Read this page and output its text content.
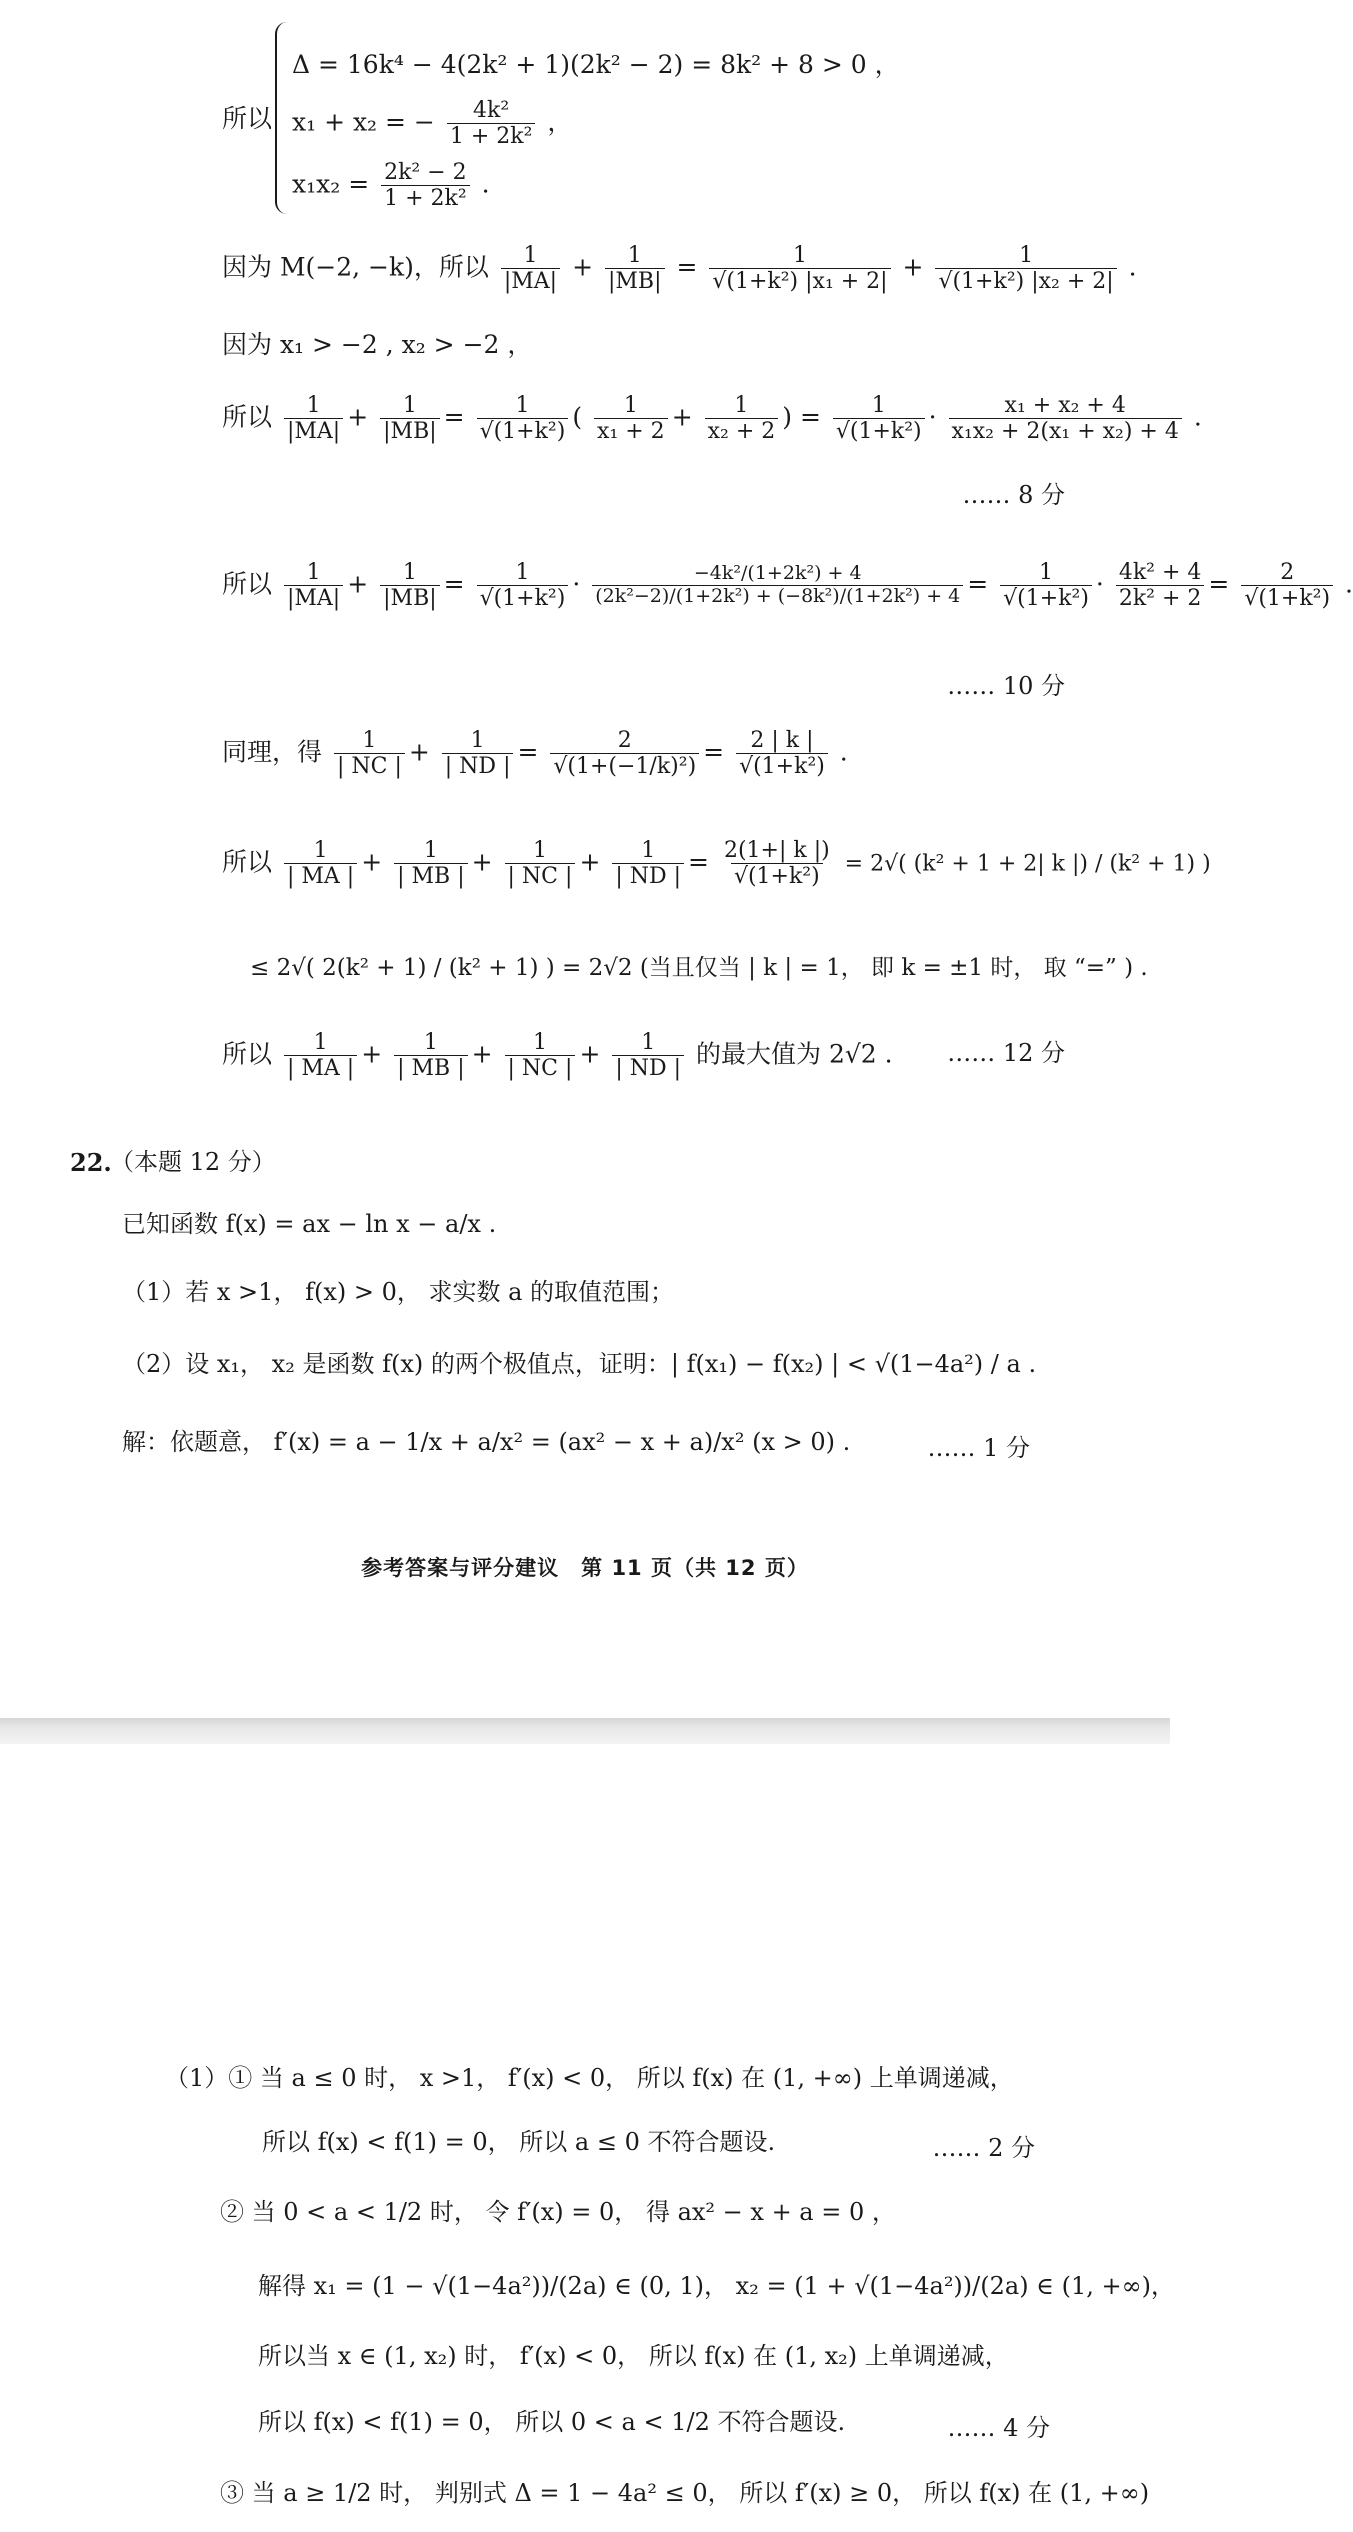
所以
Δ = 16k⁴ − 4(2k² + 1)(2k² − 2) = 8k² + 8 > 0 ，
x₁ + x₂ = − $\frac{\text{4k²}}{\text{1 + 2k²}}$ ，
$x_1x_2 = \frac{\text{2k² − 2}}{\text{1 + 2k²}}$ .
因为 M(−2, −k)，所以 $\frac{1}{|MA|} + \frac{1}{|MB|} = \frac{1}{\text{√(1+k²) |x₁ + 2|}} + \frac{1}{\text{√(1+k²) |x₂ + 2|}}$ .
因为 x₁ > −2 , x₂ > −2 ，
所以 $\frac{1}{|MA|} + \frac{1}{|MB|} = \frac{1}{\text{√(1+k²)}}$ ( $\frac{1}{\text{x₁ + 2}} + \frac{1}{\text{x₂ + 2}}$ ) = $\frac{1}{\text{√(1+k²)}} \cdot \frac{\text{x₁ + x₂ + 4}}{\text{x₁x₂ + 2(x₁ + x₂) + 4}}$ .
…… 8 分
所以 $\frac{1}{|MA|} + \frac{1}{|MB|} = \frac{1}{\text{√(1+k²)}} \cdot \frac{\text{−4k²/(1+2k²) + 4}}{\text{(2k²−2)/(1+2k²) + (−8k²)/(1+2k²) + 4}} = \frac{1}{\text{√(1+k²)}} \cdot \frac{\text{4k² + 4}}{\text{2k² + 2}} = \frac{2}{\text{√(1+k²)}}$ .
…… 10 分
同理，得 $\frac{1}{| NC |} + \frac{1}{| ND |} = \frac{2}{\text{√(1+(−1/k)²)}} = \frac{2 | k |}{\text{√(1+k²)}}$ .
所以 $\frac{1}{| MA |} + \frac{1}{| MB |} + \frac{1}{| NC |} + \frac{1}{| ND |} = \frac{2(1+| k |)}{\text{√(1+k²)}} = 2√$( (k² + 1 + 2| k |) / (k² + 1) )
≤ 2√( 2(k² + 1) / (k² + 1) ) = 2√2 (当且仅当 | k | = 1， 即 k = ±1 时， 取 “=” ) .
所以 $\frac{1}{| MA |} + \frac{1}{| MB |} + \frac{1}{| NC |} + \frac{1}{| ND |}$ 的最大值为 2√2 . …… 12 分
22.
（本题 12 分）
已知函数 f(x) = ax − ln x − a/x .
（1）若 x >1， f(x) > 0， 求实数 a 的取值范围；
（2）设 x₁， x₂ 是函数 f(x) 的两个极值点，证明：| f(x₁) − f(x₂) | < √(1−4a²) / a .
解：依题意， f′(x) = a − 1/x + a/x² = (ax² − x + a)/x² (x > 0) .	…… 1 分
参考答案与评分建议　第 11 页（共 12 页）
（1）① 当 a ≤ 0 时， x >1， f′(x) < 0， 所以 f(x) 在 (1, +∞) 上单调递减，
所以 f(x) < f(1) = 0， 所以 a ≤ 0 不符合题设.	…… 2 分
② 当 0 < a < 1/2 时， 令 f′(x) = 0， 得 ax² − x + a = 0 ，
解得 x₁ = (1 − √(1−4a²))/(2a) ∈ (0, 1)， x₂ = (1 + √(1−4a²))/(2a) ∈ (1, +∞)，
所以当 x ∈ (1, x₂) 时， f′(x) < 0， 所以 f(x) 在 (1, x₂) 上单调递减，
所以 f(x) < f(1) = 0， 所以 0 < a < 1/2 不符合题设.	…… 4 分
③ 当 a ≥ 1/2 时， 判别式 Δ = 1 − 4a² ≤ 0， 所以 f′(x) ≥ 0， 所以 f(x) 在 (1, +∞)
